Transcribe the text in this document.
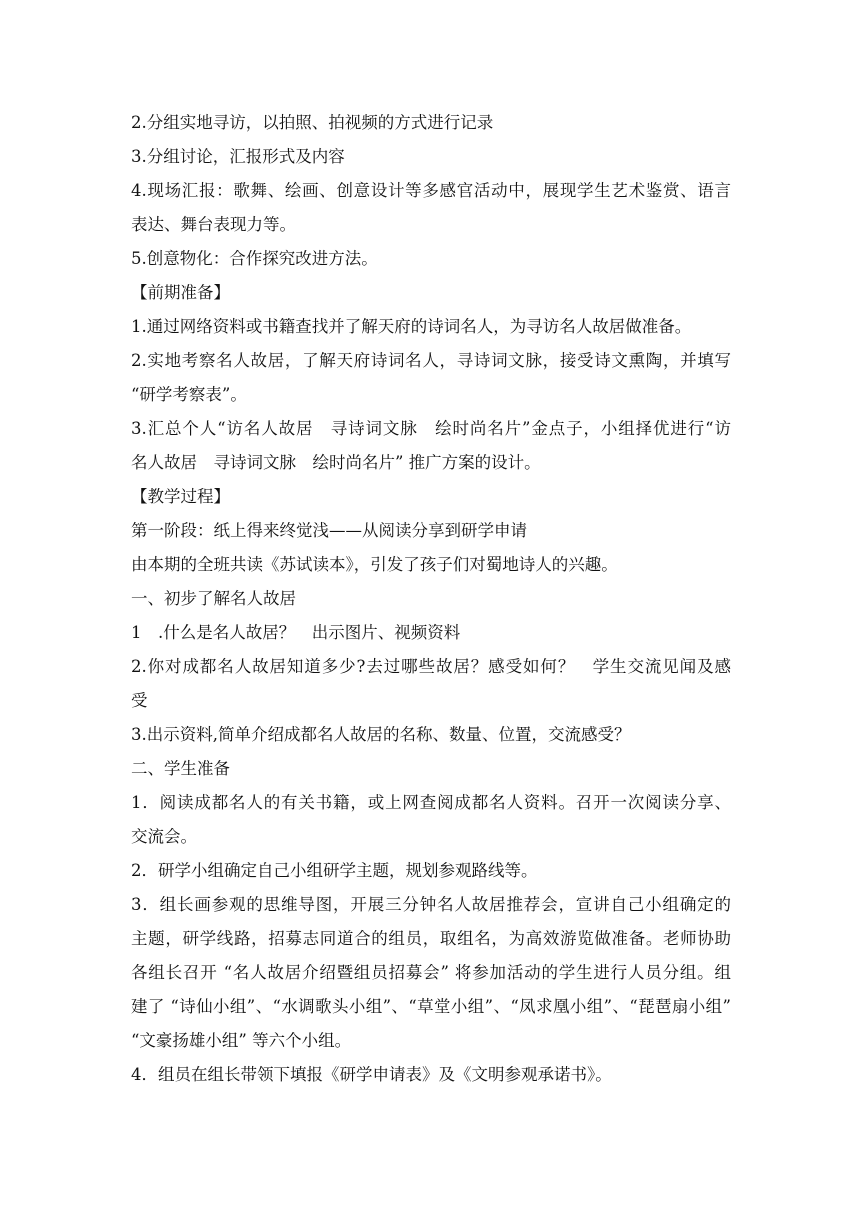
2.分组实地寻访，以拍照、拍视频的方式进行记录
3.分组讨论，汇报形式及内容
4.现场汇报：歌舞、绘画、创意设计等多感官活动中，展现学生艺术鉴赏、语言
表达、舞台表现力等。
5.创意物化：合作探究改进方法。
【前期准备】
1.通过网络资料或书籍查找并了解天府的诗词名人，为寻访名人故居做准备。
2.实地考察名人故居，了解天府诗词名人，寻诗词文脉，接受诗文熏陶，并填写
“研学考察表”。
3.汇总个人“访名人故居　寻诗词文脉　绘时尚名片”金点子，小组择优进行“访
名人故居　寻诗词文脉　绘时尚名片” 推广方案的设计。
【教学过程】
第一阶段：纸上得来终觉浅——从阅读分享到研学申请
由本期的全班共读《苏试读本》，引发了孩子们对蜀地诗人的兴趣。
一、初步了解名人故居
1　.什么是名人故居？　出示图片、视频资料
2.你对成都名人故居知道多少?去过哪些故居？感受如何？　学生交流见闻及感
受
3.出示资料,简单介绍成都名人故居的名称、数量、位置，交流感受？
二、学生准备
1．阅读成都名人的有关书籍，或上网查阅成都名人资料。召开一次阅读分享、
交流会。
2．研学小组确定自己小组研学主题，规划参观路线等。
3．组长画参观的思维导图，开展三分钟名人故居推荐会，宣讲自己小组确定的
主题，研学线路，招募志同道合的组员，取组名，为高效游览做准备。老师协助
各组长召开 “名人故居介绍暨组员招募会” 将参加活动的学生进行人员分组。组
建了 “诗仙小组”、“水调歌头小组”、“草堂小组”、“凤求凰小组”、“琵琶扇小组”
“文豪扬雄小组” 等六个小组。
4．组员在组长带领下填报《研学申请表》及《文明参观承诺书》。
